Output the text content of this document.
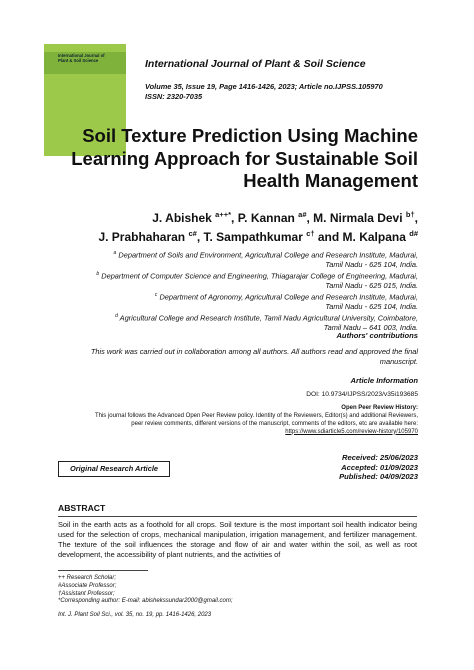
International Journal of
Plant & Soil Science	International Journal of Plant & Soil Science
Volume 35, Issue 19, Page 1416-1426, 2023; Article no.IJPSS.105970
ISSN: 2320-7035
Soil Texture Prediction Using Machine
Learning Approach for Sustainable Soil
Health Management
J. Abishek $^{a++*}$, P. Kannan $^{a\#}$, M. Nirmala Devi $^{b\dagger}$,
J. Prabhaharan $^{c\#}$, T. Sampathkumar $^{c\dagger}$ and M. Kalpana $^{d\#}$
$^a$ Department of Soils and Environment, Agricultural College and Research Institute, Madurai,
Tamil Nadu - 625 104, India.
$^b$ Department of Computer Science and Engineering, Thiagarajar College of Engineering, Madurai,
Tamil Nadu - 625 015, India.
$^c$ Department of Agronomy, Agricultural College and Research Institute, Madurai,
Tamil Nadu - 625 104, India.
$^d$ Agricultural College and Research Institute, Tamil Nadu Agricultural University, Coimbatore,
Tamil Nadu – 641 003, India.
Authors' contributions
This work was carried out in collaboration among all authors. All authors read and approved the final
manuscript.
Article Information
DOI: 10.9734/IJPSS/2023/v35i193685
Open Peer Review History:
This journal follows the Advanced Open Peer Review policy. Identity of the Reviewers, Editor(s) and additional Reviewers,
peer review comments, different versions of the manuscript, comments of the editors, etc are available here:
https://www.sdiarticle5.com/review-history/105970
Original Research Article
Received: 25/06/2023
Accepted: 01/09/2023
Published: 04/09/2023
ABSTRACT
Soil in the earth acts as a foothold for all crops. Soil texture is the most important soil health indicator being used for the selection of crops, mechanical manipulation, irrigation management, and fertilizer management. The texture of the soil influences the storage and flow of air and water within the soil, as well as root development, the accessibility of plant nutrients, and the activities of
++ Research Scholar;
#Associate Professor;
†Assistant Professor;
*Corresponding author: E-mail: abishekssundar2000@gmail.com;
Int. J. Plant Soil Sci., vol. 35, no. 19, pp. 1416-1426, 2023
